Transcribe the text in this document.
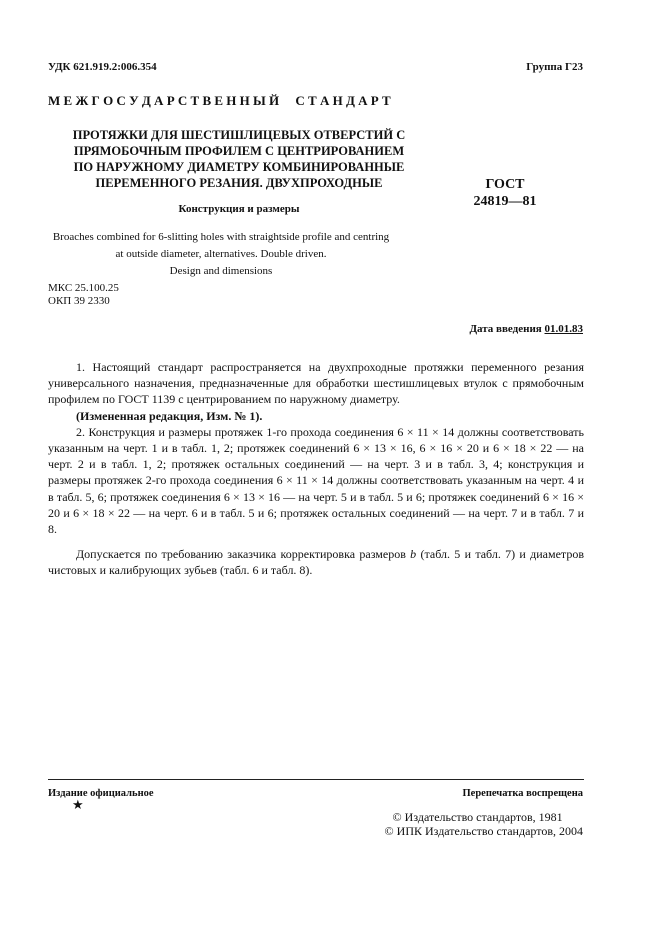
УДК 621.919.2:006.354	Группа Г23
М Е Ж Г О С У Д А Р С Т В Е Н Н Ы Й     С Т А Н Д А Р Т
ПРОТЯЖКИ ДЛЯ ШЕСТИШЛИЦЕВЫХ ОТВЕРСТИЙ С
ПРЯМОБОЧНЫМ ПРОФИЛЕМ С ЦЕНТРИРОВАНИЕМ
ПО НАРУЖНОМУ ДИАМЕТРУ КОМБИНИРОВАННЫЕ
ПЕРЕМЕННОГО РЕЗАНИЯ. ДВУХПРОХОДНЫЕ	ГОСТ
24819—81
Конструкция и размеры
Broaches combined for 6-slitting holes with straightside profile and centring
at outside diameter, alternatives. Double driven.
Design and dimensions
МКС 25.100.25
ОКП 39 2330
Дата введения 01.01.83

1. Настоящий стандарт распространяется на двухпроходные протяжки переменного резания универсального назначения, предназначенные для обработки шестишлицевых втулок с прямобочным профилем по ГОСТ 1139 с центрированием по наружному диаметру.

(Измененная редакция, Изм. № 1).

2. Конструкция и размеры протяжек 1-го прохода соединения 6 × 11 × 14 должны соответствовать указанным на черт. 1 и в табл. 1, 2; протяжек соединений 6 × 13 × 16, 6 × 16 × 20 и 6 × 18 × 22 — на черт. 2 и в табл. 1, 2; протяжек остальных соединений — на черт. 3 и в табл. 3, 4; конструкция и размеры протяжек 2-го прохода соединения 6 × 11 × 14 должны соответствовать указанным на черт. 4 и в табл. 5, 6; протяжек соединения 6 × 13 × 16 — на черт. 5 и в табл. 5 и 6; протяжек соединений 6 × 16 × 20 и 6 × 18 × 22 — на черт. 6 и в табл. 5 и 6; протяжек остальных соединений — на черт. 7 и в табл. 7 и 8.

Допускается по требованию заказчика корректировка размеров b (табл. 5 и табл. 7) и диаметров чистовых и калибрующих зубьев (табл. 6 и табл. 8).

Издание официальное	Перепечатка воспрещена
★
© Издательство стандартов, 1981
© ИПК Издательство стандартов, 2004
